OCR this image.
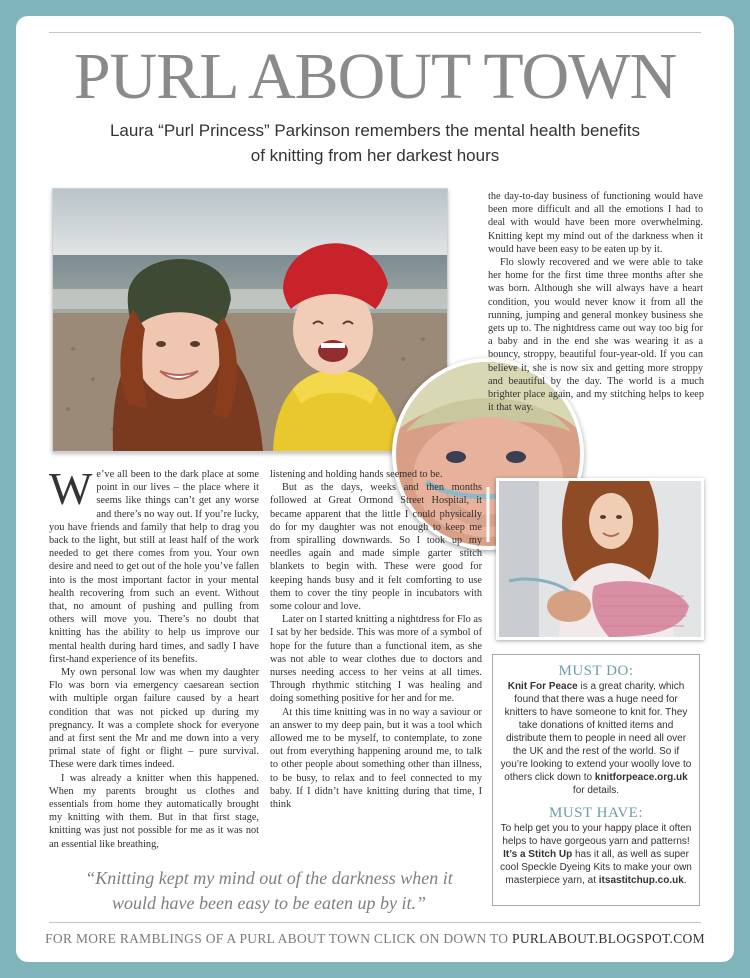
PURL ABOUT TOWN
Laura “Purl Princess” Parkinson remembers the mental health benefits
of knitting from her darkest hours

We’ve all been to the dark place at some point in our lives – the place where it seems like things can’t get any worse and there’s no way out. If you’re lucky, you have friends and family that help to drag you back to the light, but still at least half of the work needed to get there comes from you. Your own desire and need to get out of the hole you’ve fallen into is the most important factor in your mental health recovering from such an event. Without that, no amount of pushing and pulling from others will move you. There’s no doubt that knitting has the ability to help us improve our mental health during hard times, and sadly I have first-hand experience of its benefits.

My own personal low was when my daughter Flo was born via emergency caesarean section with multiple organ failure caused by a heart condition that was not picked up during my pregnancy. It was a complete shock for everyone and at first sent the Mr and me down into a very primal state of fight or flight – pure survival. These were dark times indeed.

I was already a knitter when this happened. When my parents brought us clothes and essentials from home they automatically brought my knitting with them. But in that first stage, knitting was just not possible for me as it was not an essential like breathing,

listening and holding hands seemed to be.

But as the days, weeks and then months followed at Great Ormond Street Hospital, it became apparent that the little I could physically do for my daughter was not enough to keep me from spiralling downwards. So I took up my needles again and made simple garter stitch blankets to begin with. These were good for keeping hands busy and it felt comforting to use them to cover the tiny people in incubators with some colour and love.

Later on I started knitting a nightdress for Flo as I sat by her bedside. This was more of a symbol of hope for the future than a functional item, as she was not able to wear clothes due to doctors and nurses needing access to her veins at all times. Through rhythmic stitching I was healing and doing something positive for her and for me.

At this time knitting was in no way a saviour or an answer to my deep pain, but it was a tool which allowed me to be myself, to contemplate, to zone out from everything happening around me, to talk to other people about something other than illness, to be busy, to relax and to feel connected to my baby. If I didn’t have knitting during that time, I think

the day-to-day business of functioning would have been more difficult and all the emotions I had to deal with would have been more overwhelming. Knitting kept my mind out of the darkness when it would have been easy to be eaten up by it.

Flo slowly recovered and we were able to take her home for the first time three months after she was born. Although she will always have a heart condition, you would never know it from all the running, jumping and general monkey business she gets up to. The nightdress came out way too big for a baby and in the end she was wearing it as a bouncy, stroppy, beautiful four-year-old. If you can believe it, she is now six and getting more stroppy and beautiful by the day. The world is a much brighter place again, and my stitching helps to keep it that way.

“Knitting kept my mind out of the darkness when it
would have been easy to be eaten up by it.”
MUST DO:
Knit For Peace is a great charity, which found that there was a huge need for knitters to have someone to knit for. They take donations of knitted items and distribute them to people in need all over the UK and the rest of the world. So if you’re looking to extend your woolly love to others click down to knitforpeace.org.uk for details.
MUST HAVE:
To help get you to your happy place it often helps to have gorgeous yarn and patterns! It’s a Stitch Up has it all, as well as super cool Speckle Dyeing Kits to make your own masterpiece yarn, at itsastitchup.co.uk.
FOR MORE RAMBLINGS OF A PURL ABOUT TOWN CLICK ON DOWN TO PURLABOUT.BLOGSPOT.COM
